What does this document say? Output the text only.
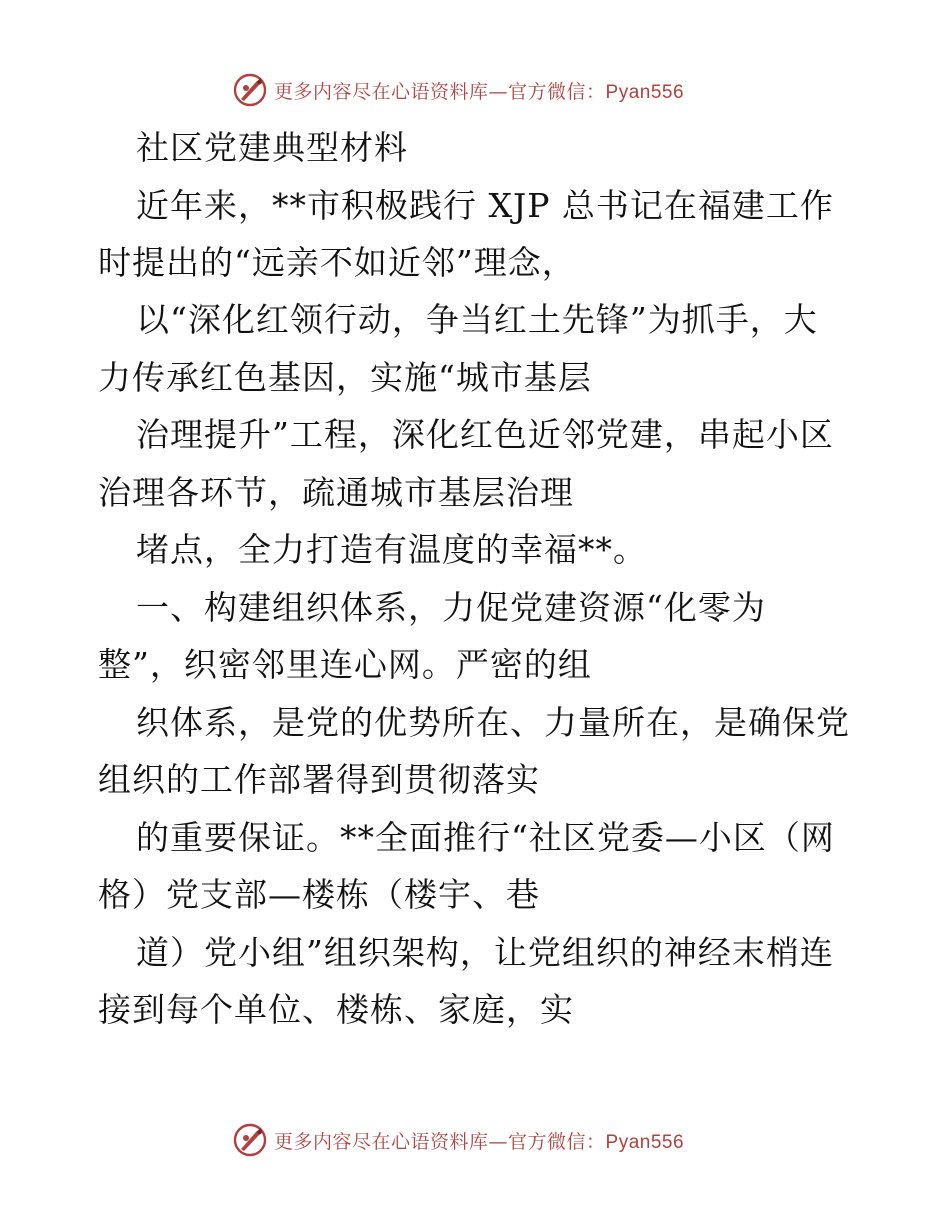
更多内容尽在心语资料库—官方微信：Pyan556
社区党建典型材料
近年来，**市积极践行 XJP 总书记在福建工作
时提出的“远亲不如近邻”理念，
以“深化红领行动，争当红土先锋”为抓手，大
力传承红色基因，实施“城市基层
治理提升”工程，深化红色近邻党建，串起小区
治理各环节，疏通城市基层治理
堵点，全力打造有温度的幸福**。
一、构建组织体系，力促党建资源“化零为
整”，织密邻里连心网。严密的组
织体系，是党的优势所在、力量所在，是确保党
组织的工作部署得到贯彻落实
的重要保证。**全面推行“社区党委—小区（网
格）党支部—楼栋（楼宇、巷
道）党小组”组织架构，让党组织的神经末梢连
接到每个单位、楼栋、家庭，实
更多内容尽在心语资料库—官方微信：Pyan556
